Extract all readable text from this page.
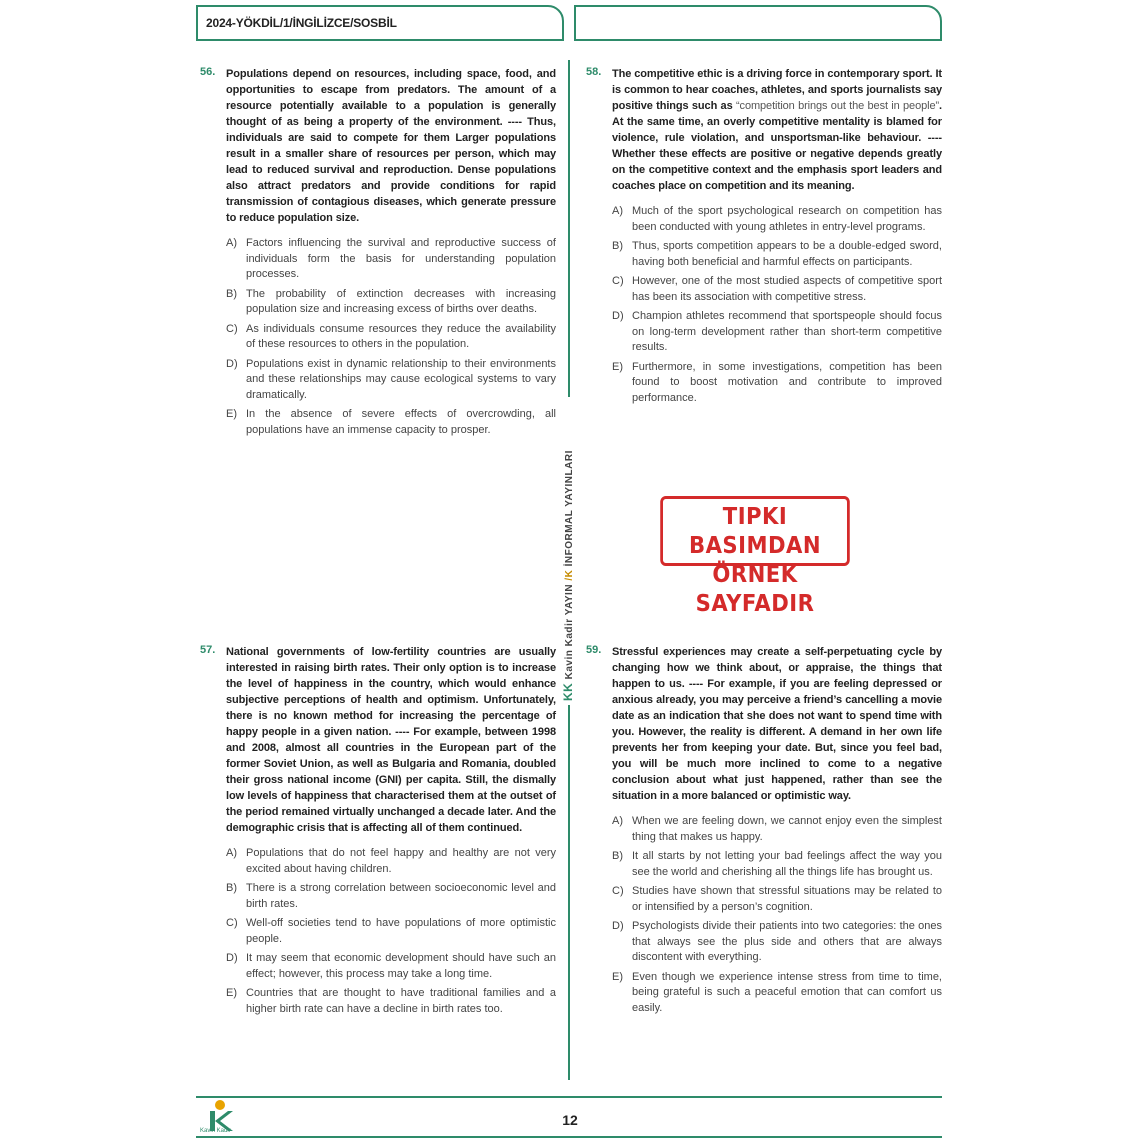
2024-YÖKDİL/1/İNGİLİZCE/SOSBİL
56. Populations depend on resources, including space, food, and opportunities to escape from predators. The amount of a resource potentially available to a population is generally thought of as being a property of the environment. ---- Thus, individuals are said to compete for them Larger populations result in a smaller share of resources per person, which may lead to reduced survival and reproduction. Dense populations also attract predators and provide conditions for rapid transmission of contagious diseases, which generate pressure to reduce population size.

A) Factors influencing the survival and reproductive success of individuals form the basis for understanding population processes.
B) The probability of extinction decreases with increasing population size and increasing excess of births over deaths.
C) As individuals consume resources they reduce the availability of these resources to others in the population.
D) Populations exist in dynamic relationship to their environments and these relationships may cause ecological systems to vary dramatically.
E) In the absence of severe effects of overcrowding, all populations have an immense capacity to prosper.
57. National governments of low-fertility countries are usually interested in raising birth rates. Their only option is to increase the level of happiness in the country, which would enhance subjective perceptions of health and optimism. Unfortunately, there is no known method for increasing the percentage of happy people in a given nation. ---- For example, between 1998 and 2008, almost all countries in the European part of the former Soviet Union, as well as Bulgaria and Romania, doubled their gross national income (GNI) per capita. Still, the dismally low levels of happiness that characterised them at the outset of the period remained virtually unchanged a decade later. And the demographic crisis that is affecting all of them continued.

A) Populations that do not feel happy and healthy are not very excited about having children.
B) There is a strong correlation between socioeconomic level and birth rates.
C) Well-off societies tend to have populations of more optimistic people.
D) It may seem that economic development should have such an effect; however, this process may take a long time.
E) Countries that are thought to have traditional families and a higher birth rate can have a decline in birth rates too.
58. The competitive ethic is a driving force in contemporary sport. It is common to hear coaches, athletes, and sports journalists say positive things such as “competition brings out the best in people”. At the same time, an overly competitive mentality is blamed for violence, rule violation, and unsportsman-like behaviour. ---- Whether these effects are positive or negative depends greatly on the competitive context and the emphasis sport leaders and coaches place on competition and its meaning.

A) Much of the sport psychological research on competition has been conducted with young athletes in entry-level programs.
B) Thus, sports competition appears to be a double-edged sword, having both beneficial and harmful effects on participants.
C) However, one of the most studied aspects of competitive sport has been its association with competitive stress.
D) Champion athletes recommend that sportspeople should focus on long-term development rather than short-term competitive results.
E) Furthermore, in some investigations, competition has been found to boost motivation and contribute to improved performance.
59. Stressful experiences may create a self-perpetuating cycle by changing how we think about, or appraise, the things that happen to us. ---- For example, if you are feeling depressed or anxious already, you may perceive a friend’s cancelling a movie date as an indication that she does not want to spend time with you. However, the reality is different. A demand in her own life prevents her from keeping your date. But, since you feel bad, you will be much more inclined to come to a negative conclusion about what just happened, rather than see the situation in a more balanced or optimistic way.

A) When we are feeling down, we cannot enjoy even the simplest thing that makes us happy.
B) It all starts by not letting your bad feelings affect the way you see the world and cherishing all the things life has brought us.
C) Studies have shown that stressful situations may be related to or intensified by a person’s cognition.
D) Psychologists divide their patients into two categories: the ones that always see the plus side and others that are always discontent with everything.
E) Even though we experience intense stress from time to time, being grateful is such a peaceful emotion that can comfort us easily.
KK Kavin Kadir YAYIN /K İNFORMAL YAYINLARI	TIPKI BASIMDAN
ÖRNEK SAYFADIR
12
Kavin Kadir
